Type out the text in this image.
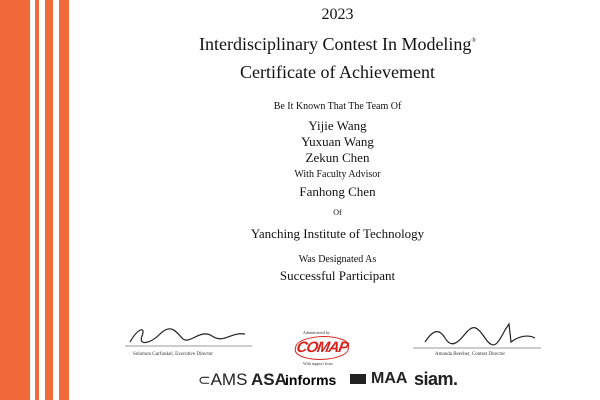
2023
Interdisciplinary Contest In Modeling®
Certificate of Achievement
Be It Known That The Team Of
Yijie Wang
Yuxuan Wang
Zekun Chen
With Faculty Advisor
Fanhong Chen
Of
Yanching Institute of Technology
Was Designated As
Successful Participant
Solomon Garfunkel, Executive Director
Administered by
COMAP
With support from
Amanda Beecher, Contest Director
⊂AMS ASA
informs MAA siam.
